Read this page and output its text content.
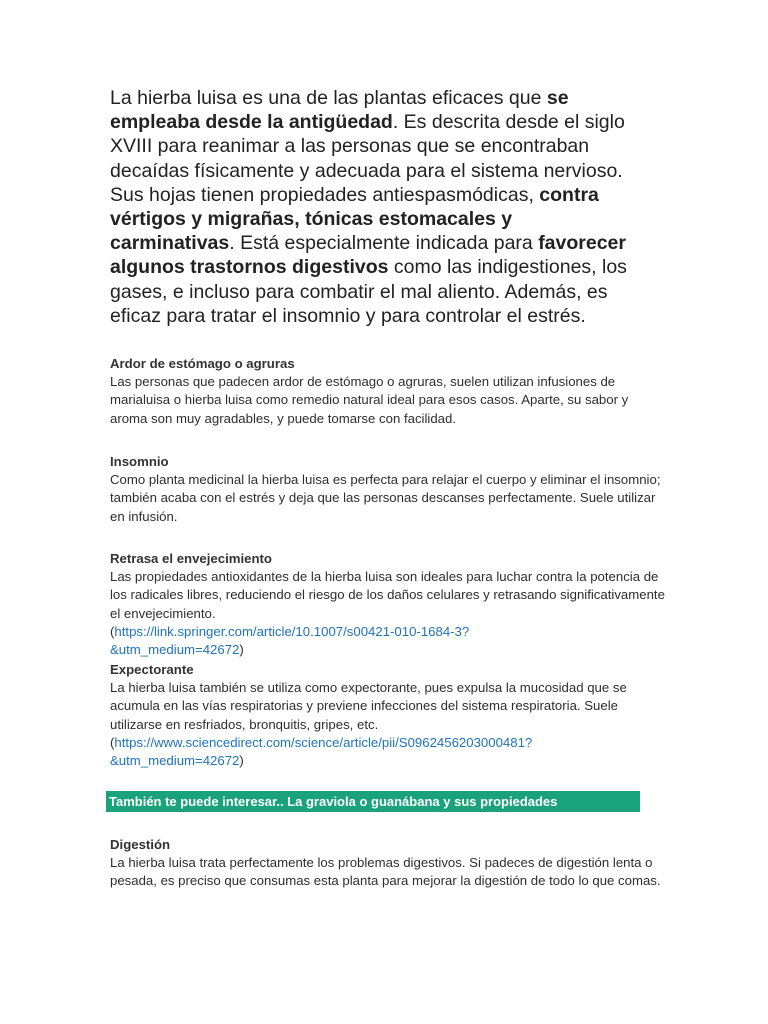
La hierba luisa es una de las plantas eficaces que se empleaba desde la antigüedad. Es descrita desde el siglo XVIII para reanimar a las personas que se encontraban decaídas físicamente y adecuada para el sistema nervioso. Sus hojas tienen propiedades antiespasmódicas, contra vértigos y migrañas, tónicas estomacales y carminativas. Está especialmente indicada para favorecer algunos trastornos digestivos como las indigestiones, los gases, e incluso para combatir el mal aliento. Además, es eficaz para tratar el insomnio y para controlar el estrés.

Ardor de estómago o agruras

Las personas que padecen ardor de estómago o agruras, suelen utilizan infusiones de marialuisa o hierba luisa como remedio natural ideal para esos casos. Aparte, su sabor y aroma son muy agradables, y puede tomarse con facilidad.

Insomnio

Como planta medicinal la hierba luisa es perfecta para relajar el cuerpo y eliminar el insomnio; también acaba con el estrés y deja que las personas descanses perfectamente. Suele utilizar en infusión.

Retrasa el envejecimiento

Las propiedades antioxidantes de la hierba luisa son ideales para luchar contra la potencia de los radicales libres, reduciendo el riesgo de los daños celulares y retrasando significativamente el envejecimiento.

(https://link.springer.com/article/10.1007/s00421-010-1684-3?

&utm_medium=42672)

Expectorante

La hierba luisa también se utiliza como expectorante, pues expulsa la mucosidad que se acumula en las vías respiratorias y previene infecciones del sistema respiratoria. Suele utilizarse en resfriados, bronquitis, gripes, etc.

(https://www.sciencedirect.com/science/article/pii/S0962456203000481?

&utm_medium=42672)

También te puede interesar.. La graviola o guanábana y sus propiedades
Digestión

La hierba luisa trata perfectamente los problemas digestivos. Si padeces de digestión lenta o pesada, es preciso que consumas esta planta para mejorar la digestión de todo lo que comas.
